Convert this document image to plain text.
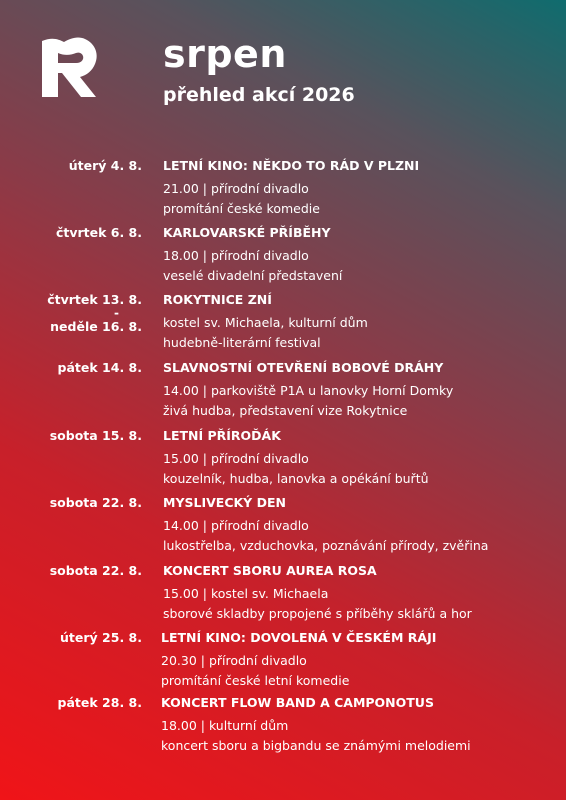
srpen
přehled akcí 2026
úterý 4. 8. LETNÍ KINO: NĚKDO TO RÁD V PLZNI
21.00 | přírodní divadlo
promítání české komedie
čtvrtek 6. 8. KARLOVARSKÉ PŘÍBĚHY
18.00 | přírodní divadlo
veselé divadelní představení
čtvrtek 13. 8.
-
neděle 16. 8.
ROKYTNICE ZNÍ
kostel sv. Michaela, kulturní dům
hudebně-literární festival
pátek 14. 8. SLAVNOSTNÍ OTEVŘENÍ BOBOVÉ DRÁHY
14.00 | parkoviště P1A u lanovky Horní Domky
živá hudba, představení vize Rokytnice
sobota 15. 8. LETNÍ PŘÍROĎÁK
15.00 | přírodní divadlo
kouzelník, hudba, lanovka a opékání buřtů
sobota 22. 8. MYSLIVECKÝ DEN
14.00 | přírodní divadlo
lukostřelba, vzduchovka, poznávání přírody, zvěřina
sobota 22. 8. KONCERT SBORU AUREA ROSA
15.00 | kostel sv. Michaela
sborové skladby propojené s příběhy sklářů a hor
úterý 25. 8. LETNÍ KINO: DOVOLENÁ V ČESKÉM RÁJI
20.30 | přírodní divadlo
promítání české letní komedie
pátek 28. 8. KONCERT FLOW BAND A CAMPONOTUS
18.00 | kulturní dům
koncert sboru a bigbandu se známými melodiemi
